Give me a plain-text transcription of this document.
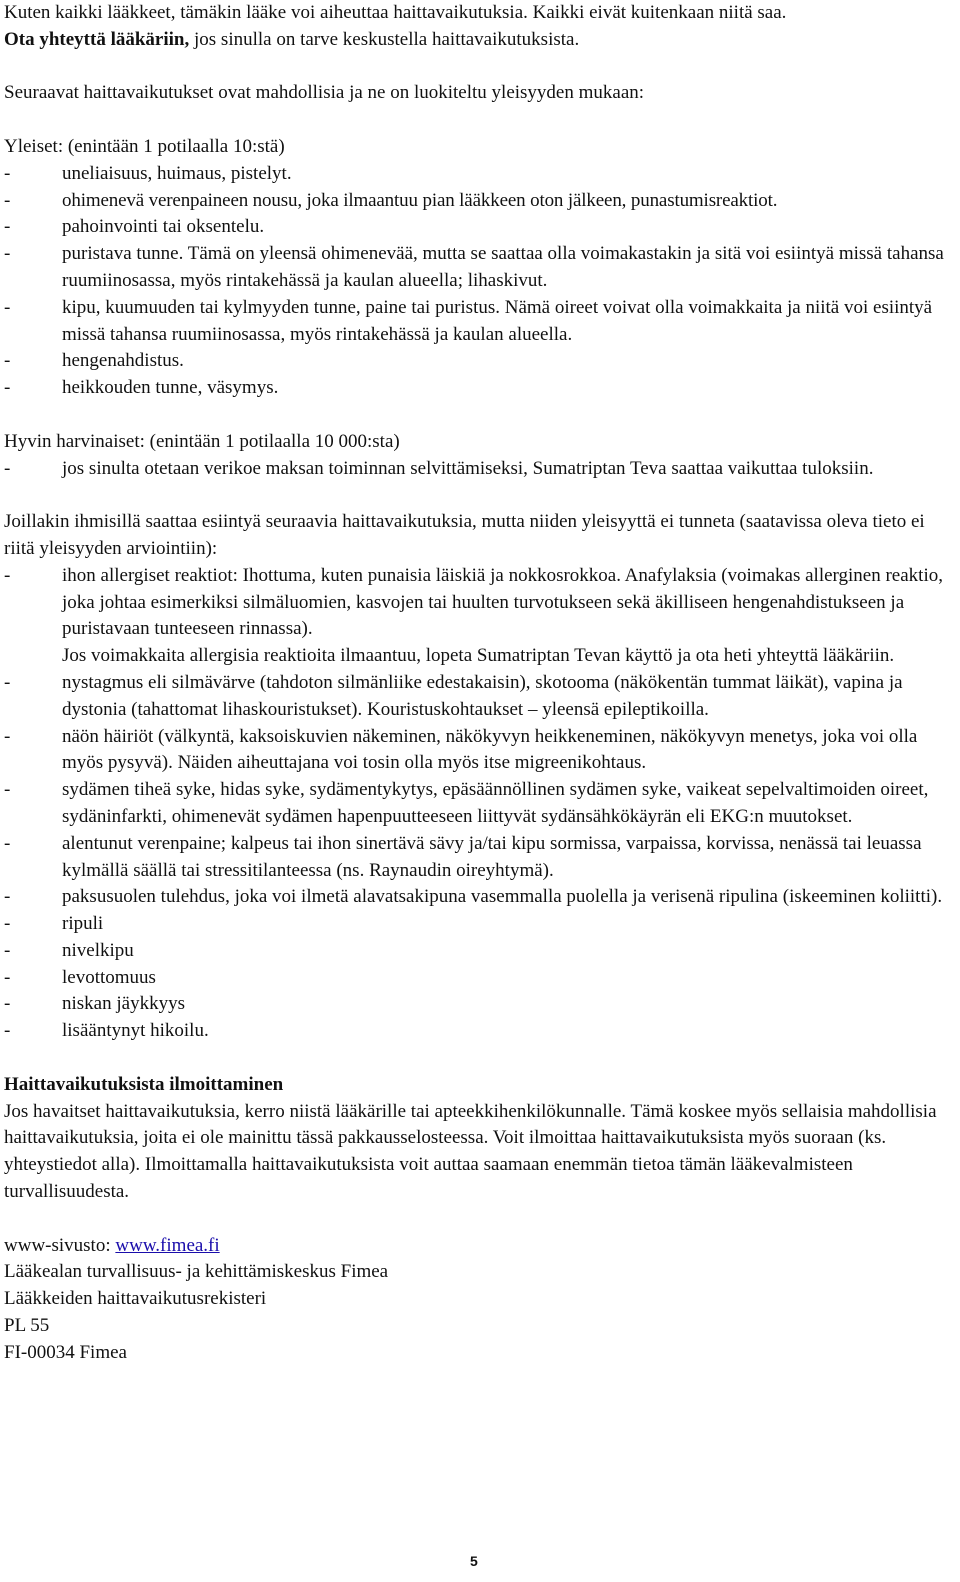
Kuten kaikki lääkkeet, tämäkin lääke voi aiheuttaa haittavaikutuksia. Kaikki eivät kuitenkaan niitä saa.

Ota yhteyttä lääkäriin, jos sinulla on tarve keskustella haittavaikutuksista.

Seuraavat haittavaikutukset ovat mahdollisia ja ne on luokiteltu yleisyyden mukaan:

Yleiset: (enintään 1 potilaalla 10:stä)

-	uneliaisuus, huimaus, pistelyt.
-	ohimenevä verenpaineen nousu, joka ilmaantuu pian lääkkeen oton jälkeen, punastumisreaktiot.
-	pahoinvointi tai oksentelu.
-	puristava tunne. Tämä on yleensä ohimenevää, mutta se saattaa olla voimakastakin ja sitä voi esiintyä missä tahansa ruumiinosassa, myös rintakehässä ja kaulan alueella; lihaskivut.
-	kipu, kuumuuden tai kylmyyden tunne, paine tai puristus. Nämä oireet voivat olla voimakkaita ja niitä voi esiintyä missä tahansa ruumiinosassa, myös rintakehässä ja kaulan alueella.
-	hengenahdistus.
-	heikkouden tunne, väsymys.

Hyvin harvinaiset: (enintään 1 potilaalla 10 000:sta)

-	jos sinulta otetaan verikoe maksan toiminnan selvittämiseksi, Sumatriptan Teva saattaa vaikuttaa tuloksiin.

Joillakin ihmisillä saattaa esiintyä seuraavia haittavaikutuksia, mutta niiden yleisyyttä ei tunneta (saatavissa oleva tieto ei riitä yleisyyden arviointiin):

-	ihon allergiset reaktiot: Ihottuma, kuten punaisia läiskiä ja nokkosrokkoa. Anafylaksia (voimakas allerginen reaktio, joka johtaa esimerkiksi silmäluomien, kasvojen tai huulten turvotukseen sekä äkilliseen hengenahdistukseen ja puristavaan tunteeseen rinnassa).
Jos voimakkaita allergisia reaktioita ilmaantuu, lopeta Sumatriptan Tevan käyttö ja ota heti yhteyttä lääkäriin.
-	nystagmus eli silmävärve (tahdoton silmänliike edestakaisin), skotooma (näkökentän tummat läikät), vapina ja dystonia (tahattomat lihaskouristukset). Kouristuskohtaukset – yleensä epileptikoilla.
-	näön häiriöt (välkyntä, kaksoiskuvien näkeminen, näkökyvyn heikkeneminen, näkökyvyn menetys, joka voi olla myös pysyvä). Näiden aiheuttajana voi tosin olla myös itse migreenikohtaus.
-	sydämen tiheä syke, hidas syke, sydämentykytys, epäsäännöllinen sydämen syke, vaikeat sepelvaltimoiden oireet, sydäninfarkti, ohimenevät sydämen hapenpuutteeseen liittyvät sydänsähkökäyrän eli EKG:n muutokset.
-	alentunut verenpaine; kalpeus tai ihon sinertävä sävy ja/tai kipu sormissa, varpaissa, korvissa, nenässä tai leuassa kylmällä säällä tai stressitilanteessa (ns. Raynaudin oireyhtymä).
-	paksusuolen tulehdus, joka voi ilmetä alavatsakipuna vasemmalla puolella ja verisenä ripulina (iskeeminen koliitti).
-	ripuli
-	nivelkipu
-	levottomuus
-	niskan jäykkyys
-	lisääntynyt hikoilu.

Haittavaikutuksista ilmoittaminen

Jos havaitset haittavaikutuksia, kerro niistä lääkärille tai apteekkihenkilökunnalle. Tämä koskee myös sellaisia mahdollisia haittavaikutuksia, joita ei ole mainittu tässä pakkausselosteessa. Voit ilmoittaa haittavaikutuksista myös suoraan (ks. yhteystiedot alla). Ilmoittamalla haittavaikutuksista voit auttaa saamaan enemmän tietoa tämän lääkevalmisteen turvallisuudesta.

www-sivusto: www.fimea.fi

Lääkealan turvallisuus- ja kehittämiskeskus Fimea

Lääkkeiden haittavaikutusrekisteri

PL 55

FI-00034 Fimea

5
